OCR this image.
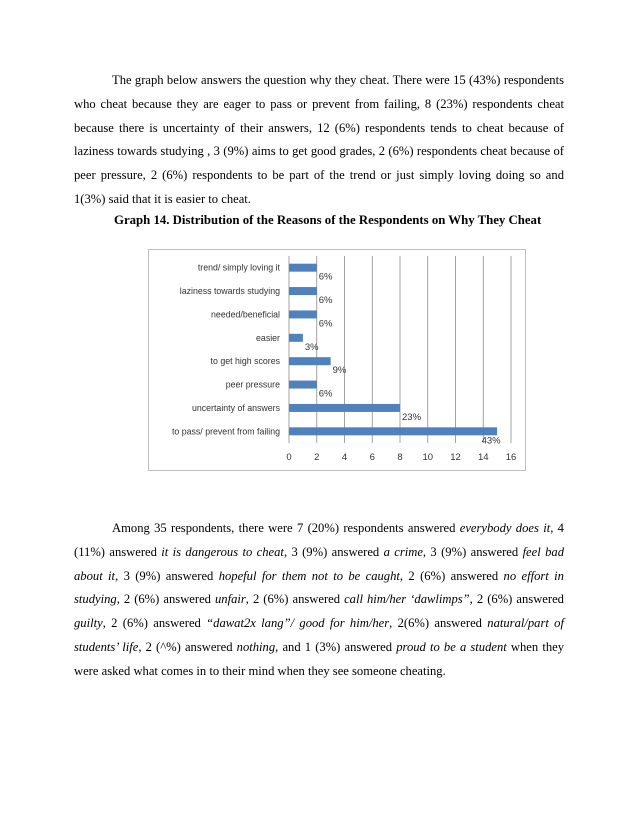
The graph below answers the question why they cheat. There were 15 (43%) respondents who cheat because they are eager to pass or prevent from failing, 8 (23%) respondents cheat because there is uncertainty of their answers, 12 (6%) respondents tends to cheat because of laziness towards studying , 3 (9%) aims to get good grades, 2 (6%) respondents cheat because of peer pressure, 2 (6%) respondents to be part of the trend or just simply loving doing so and 1(3%) said that it is easier to cheat.

Graph 14. Distribution of the Reasons of the Respondents on Why They Cheat
0 2 4 6 8 10 12 14 16
trend/ simply loving it
6%
laziness towards studying
6%
needed/beneficial
6%
easier
3%
to get high scores
9%
peer pressure
6%
uncertainty of answers
23%
to pass/ prevent from failing
43%

Among 35 respondents, there were 7 (20%) respondents answered everybody does it, 4 (11%) answered it is dangerous to cheat, 3 (9%) answered a crime, 3 (9%) answered feel bad about it, 3 (9%) answered hopeful for them not to be caught, 2 (6%) answered no effort in studying, 2 (6%) answered unfair, 2 (6%) answered call him/her ‘dawlimps”, 2 (6%) answered guilty, 2 (6%) answered “dawat2x lang”/ good for him/her, 2(6%) answered natural/part of students’ life, 2 (^%) answered nothing, and 1 (3%) answered proud to be a student when they were asked what comes in to their mind when they see someone cheating.
